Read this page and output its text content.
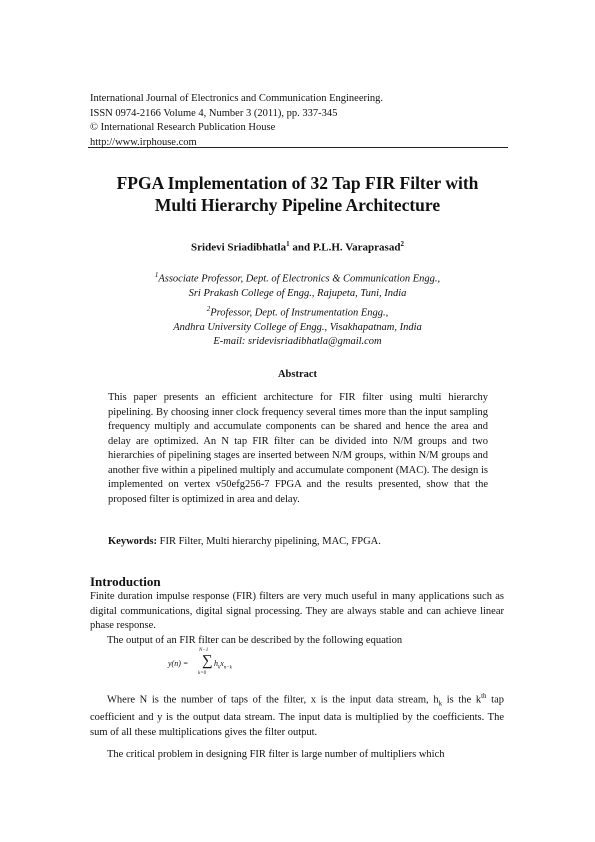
International Journal of Electronics and Communication Engineering.
ISSN 0974-2166 Volume 4, Number 3 (2011), pp. 337-345
© International Research Publication House
http://www.irphouse.com
FPGA Implementation of 32 Tap FIR Filter with
Multi Hierarchy Pipeline Architecture
Sridevi Sriadibhatla$^1$ and P.L.H. Varaprasad$^2$
$^1$Associate Professor, Dept. of Electronics & Communication Engg.,
Sri Prakash College of Engg., Rajupeta, Tuni, India
$^2$Professor, Dept. of Instrumentation Engg.,
Andhra University College of Engg., Visakhapatnam, India
E-mail: sridevisriadibhatla@gmail.com
Abstract
This paper presents an efficient architecture for FIR filter using multi hierarchy pipelining. By choosing inner clock frequency several times more than the input sampling frequency multiply and accumulate components can be shared and hence the area and delay are optimized. An N tap FIR filter can be divided into N/M groups and two hierarchies of pipelining stages are inserted between N/M groups, within N/M groups and another five within a pipelined multiply and accumulate component (MAC). The design is implemented on vertex v50efg256-7 FPGA and the results presented, show that the proposed filter is optimized in area and delay.
Keywords: FIR Filter, Multi hierarchy pipelining, MAC, FPGA.
Introduction
Finite duration impulse response (FIR) filters are very much useful in many applications such as digital communications, digital signal processing. They are always stable and can achieve linear phase response.
The output of an FIR filter can be described by the following equation
y(n) =
N−1
∑
k=0
$h_kx_{n-k}$
Where N is the number of taps of the filter, x is the input data stream, $h_k$ is the $k^{th}$ tap coefficient and y is the output data stream. The input data is multiplied by the coefficients. The sum of all these multiplications gives the filter output.
The critical problem in designing FIR filter is large number of multipliers which
